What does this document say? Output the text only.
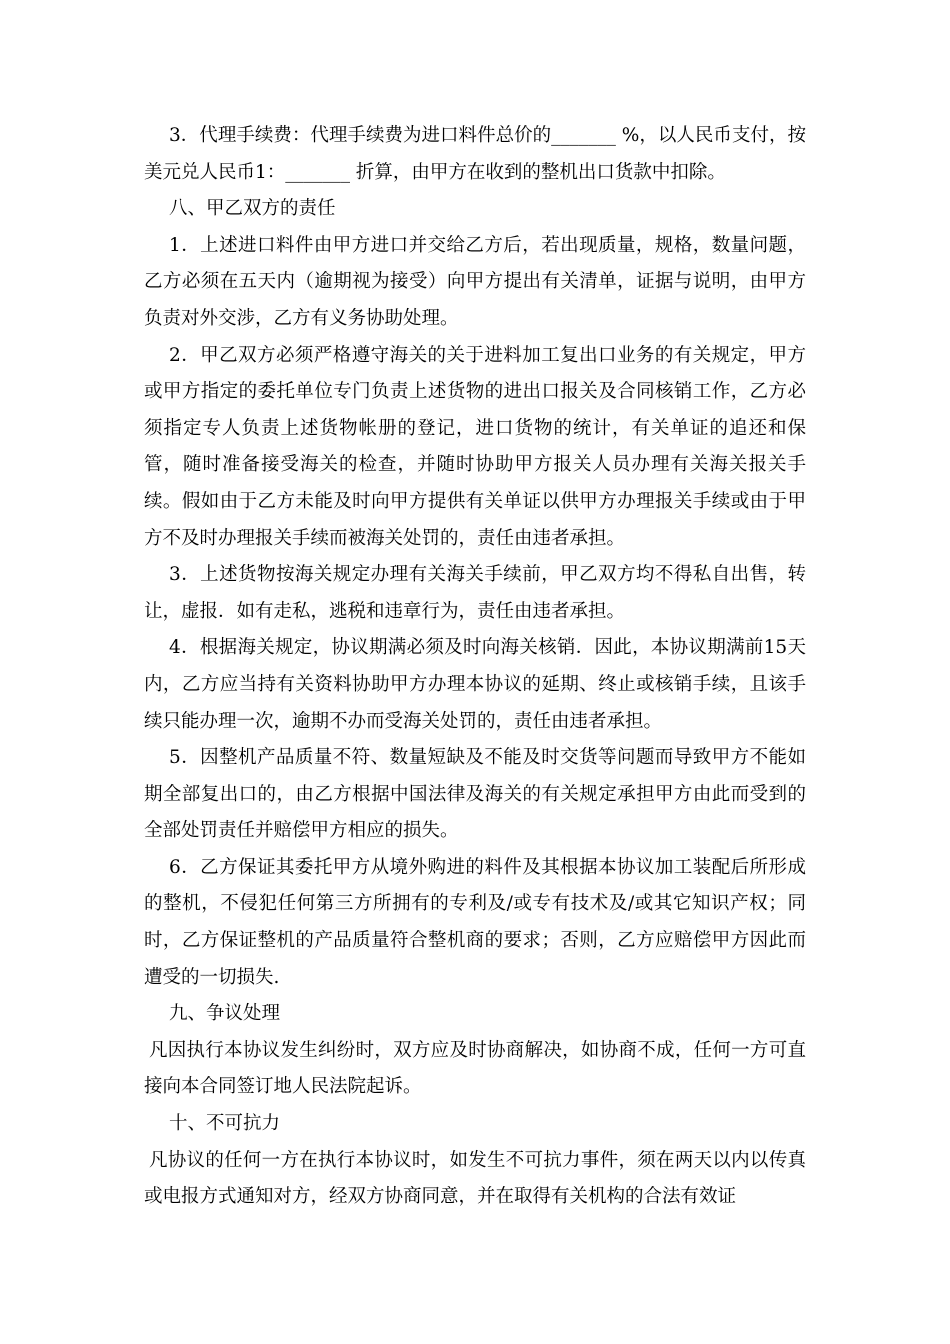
3．代理手续费：代理手续费为进口料件总价的_______ %，以人民币支付，按美元兑人民币1：_______ 折算，由甲方在收到的整机出口货款中扣除。

八、甲乙双方的责任

1．上述进口料件由甲方进口并交给乙方后，若出现质量，规格，数量问题，乙方必须在五天内（逾期视为接受）向甲方提出有关清单，证据与说明，由甲方负责对外交涉，乙方有义务协助处理。

2．甲乙双方必须严格遵守海关的关于进料加工复出口业务的有关规定，甲方或甲方指定的委托单位专门负责上述货物的进出口报关及合同核销工作，乙方必须指定专人负责上述货物帐册的登记，进口货物的统计，有关单证的追还和保管，随时准备接受海关的检查，并随时协助甲方报关人员办理有关海关报关手续。假如由于乙方未能及时向甲方提供有关单证以供甲方办理报关手续或由于甲方不及时办理报关手续而被海关处罚的，责任由违者承担。

3．上述货物按海关规定办理有关海关手续前，甲乙双方均不得私自出售，转让，虚报．如有走私，逃税和违章行为，责任由违者承担。

4．根据海关规定，协议期满必须及时向海关核销．因此，本协议期满前15天内，乙方应当持有关资料协助甲方办理本协议的延期、终止或核销手续，且该手续只能办理一次，逾期不办而受海关处罚的，责任由违者承担。

5．因整机产品质量不符、数量短缺及不能及时交货等问题而导致甲方不能如期全部复出口的，由乙方根据中国法律及海关的有关规定承担甲方由此而受到的全部处罚责任并赔偿甲方相应的损失。

6．乙方保证其委托甲方从境外购进的料件及其根据本协议加工装配后所形成的整机，不侵犯任何第三方所拥有的专利及/或专有技术及/或其它知识产权；同时，乙方保证整机的产品质量符合整机商的要求；否则，乙方应赔偿甲方因此而遭受的一切损失.

九、争议处理

凡因执行本协议发生纠纷时，双方应及时协商解决，如协商不成，任何一方可直接向本合同签订地人民法院起诉。

十、不可抗力

凡协议的任何一方在执行本协议时，如发生不可抗力事件，须在两天以内以传真或电报方式通知对方，经双方协商同意，并在取得有关机构的合法有效证
